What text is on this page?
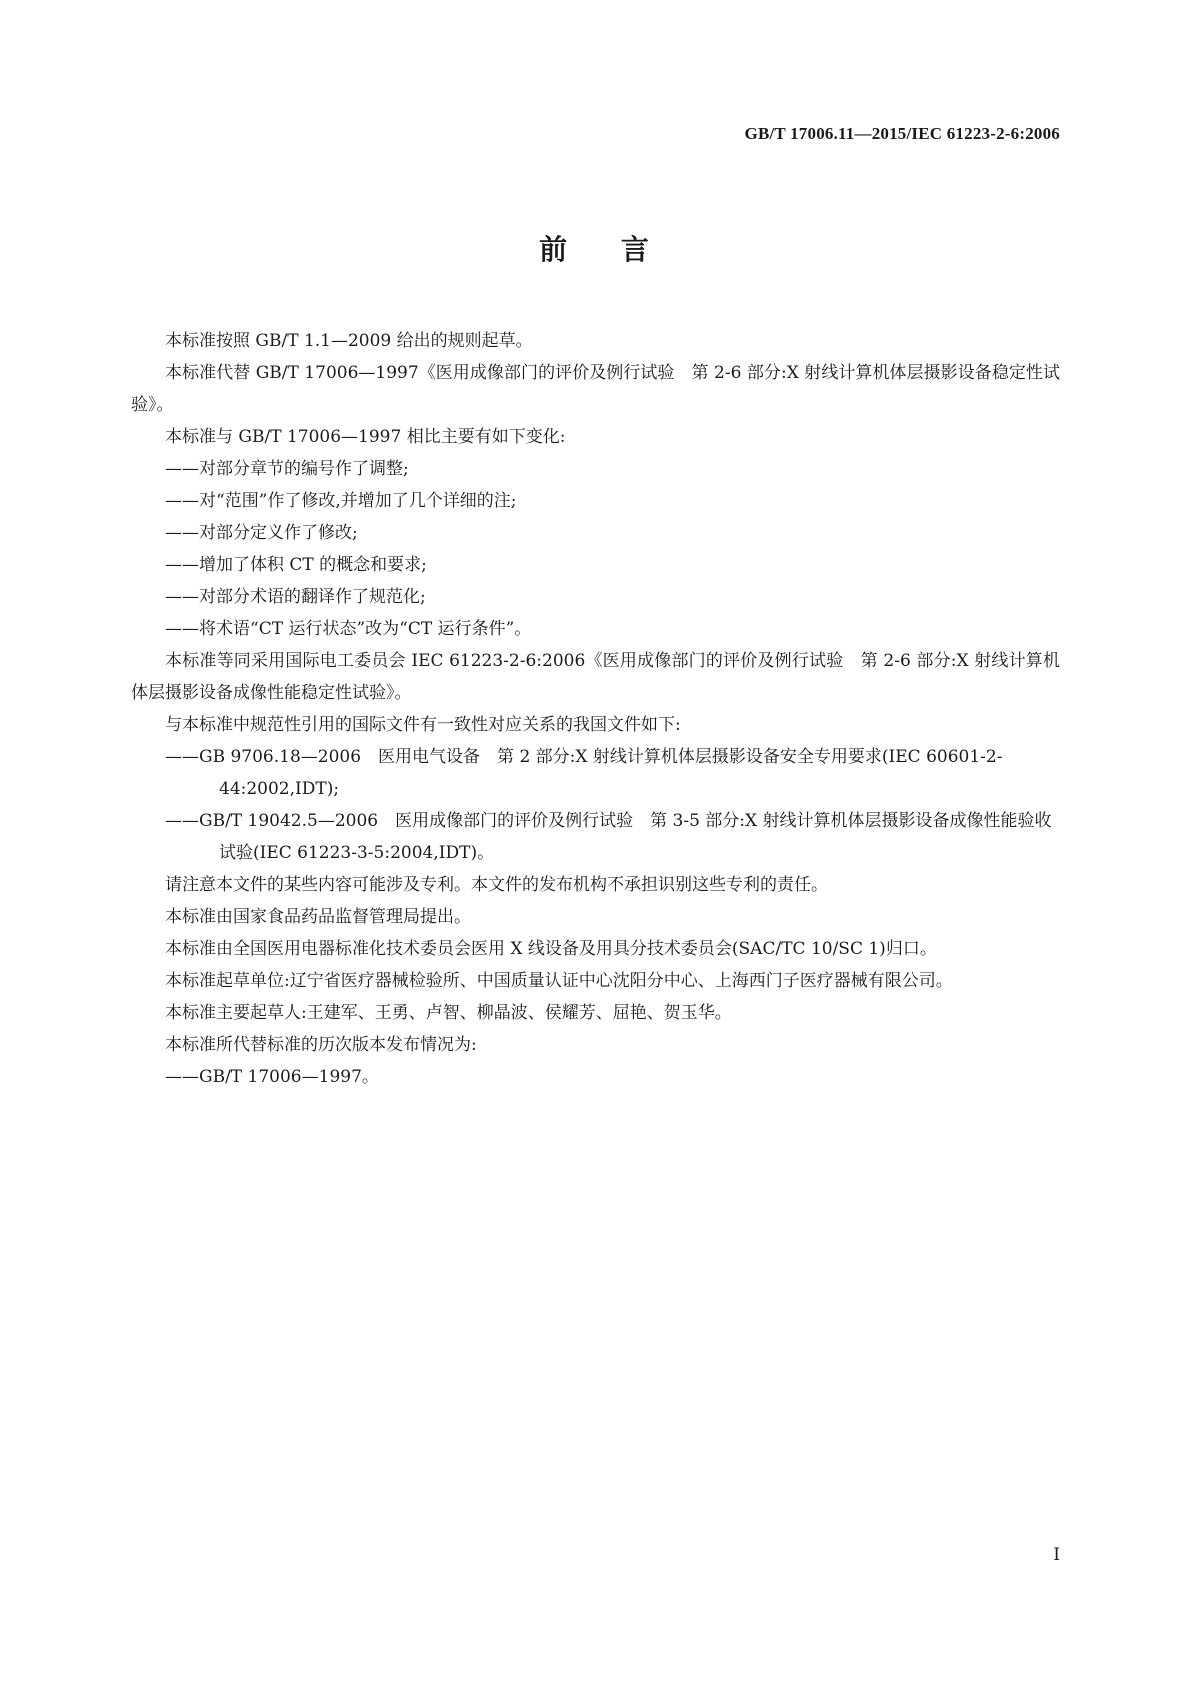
GB/T 17006.11—2015/IEC 61223-2-6:2006
前 言

本标准按照 GB/T 1.1—2009 给出的规则起草。

本标准代替 GB/T 17006—1997《医用成像部门的评价及例行试验　第 2-6 部分:X 射线计算机体层摄影设备稳定性试验》。

本标准与 GB/T 17006—1997 相比主要有如下变化:

——对部分章节的编号作了调整;

——对“范围”作了修改,并增加了几个详细的注;

——对部分定义作了修改;

——增加了体积 CT 的概念和要求;

——对部分术语的翻译作了规范化;

——将术语“CT 运行状态”改为“CT 运行条件”。

本标准等同采用国际电工委员会 IEC 61223-2-6:2006《医用成像部门的评价及例行试验　第 2-6 部分:X 射线计算机体层摄影设备成像性能稳定性试验》。

与本标准中规范性引用的国际文件有一致性对应关系的我国文件如下:

——GB 9706.18—2006　医用电气设备　第 2 部分:X 射线计算机体层摄影设备安全专用要求(IEC 60601-2-44:2002,IDT);

——GB/T 19042.5—2006　医用成像部门的评价及例行试验　第 3-5 部分:X 射线计算机体层摄影设备成像性能验收试验(IEC 61223-3-5:2004,IDT)。

请注意本文件的某些内容可能涉及专利。本文件的发布机构不承担识别这些专利的责任。

本标准由国家食品药品监督管理局提出。

本标准由全国医用电器标准化技术委员会医用 X 线设备及用具分技术委员会(SAC/TC 10/SC 1)归口。

本标准起草单位:辽宁省医疗器械检验所、中国质量认证中心沈阳分中心、上海西门子医疗器械有限公司。

本标准主要起草人:王建军、王勇、卢智、柳晶波、侯耀芳、屈艳、贺玉华。

本标准所代替标准的历次版本发布情况为:

——GB/T 17006—1997。

I
